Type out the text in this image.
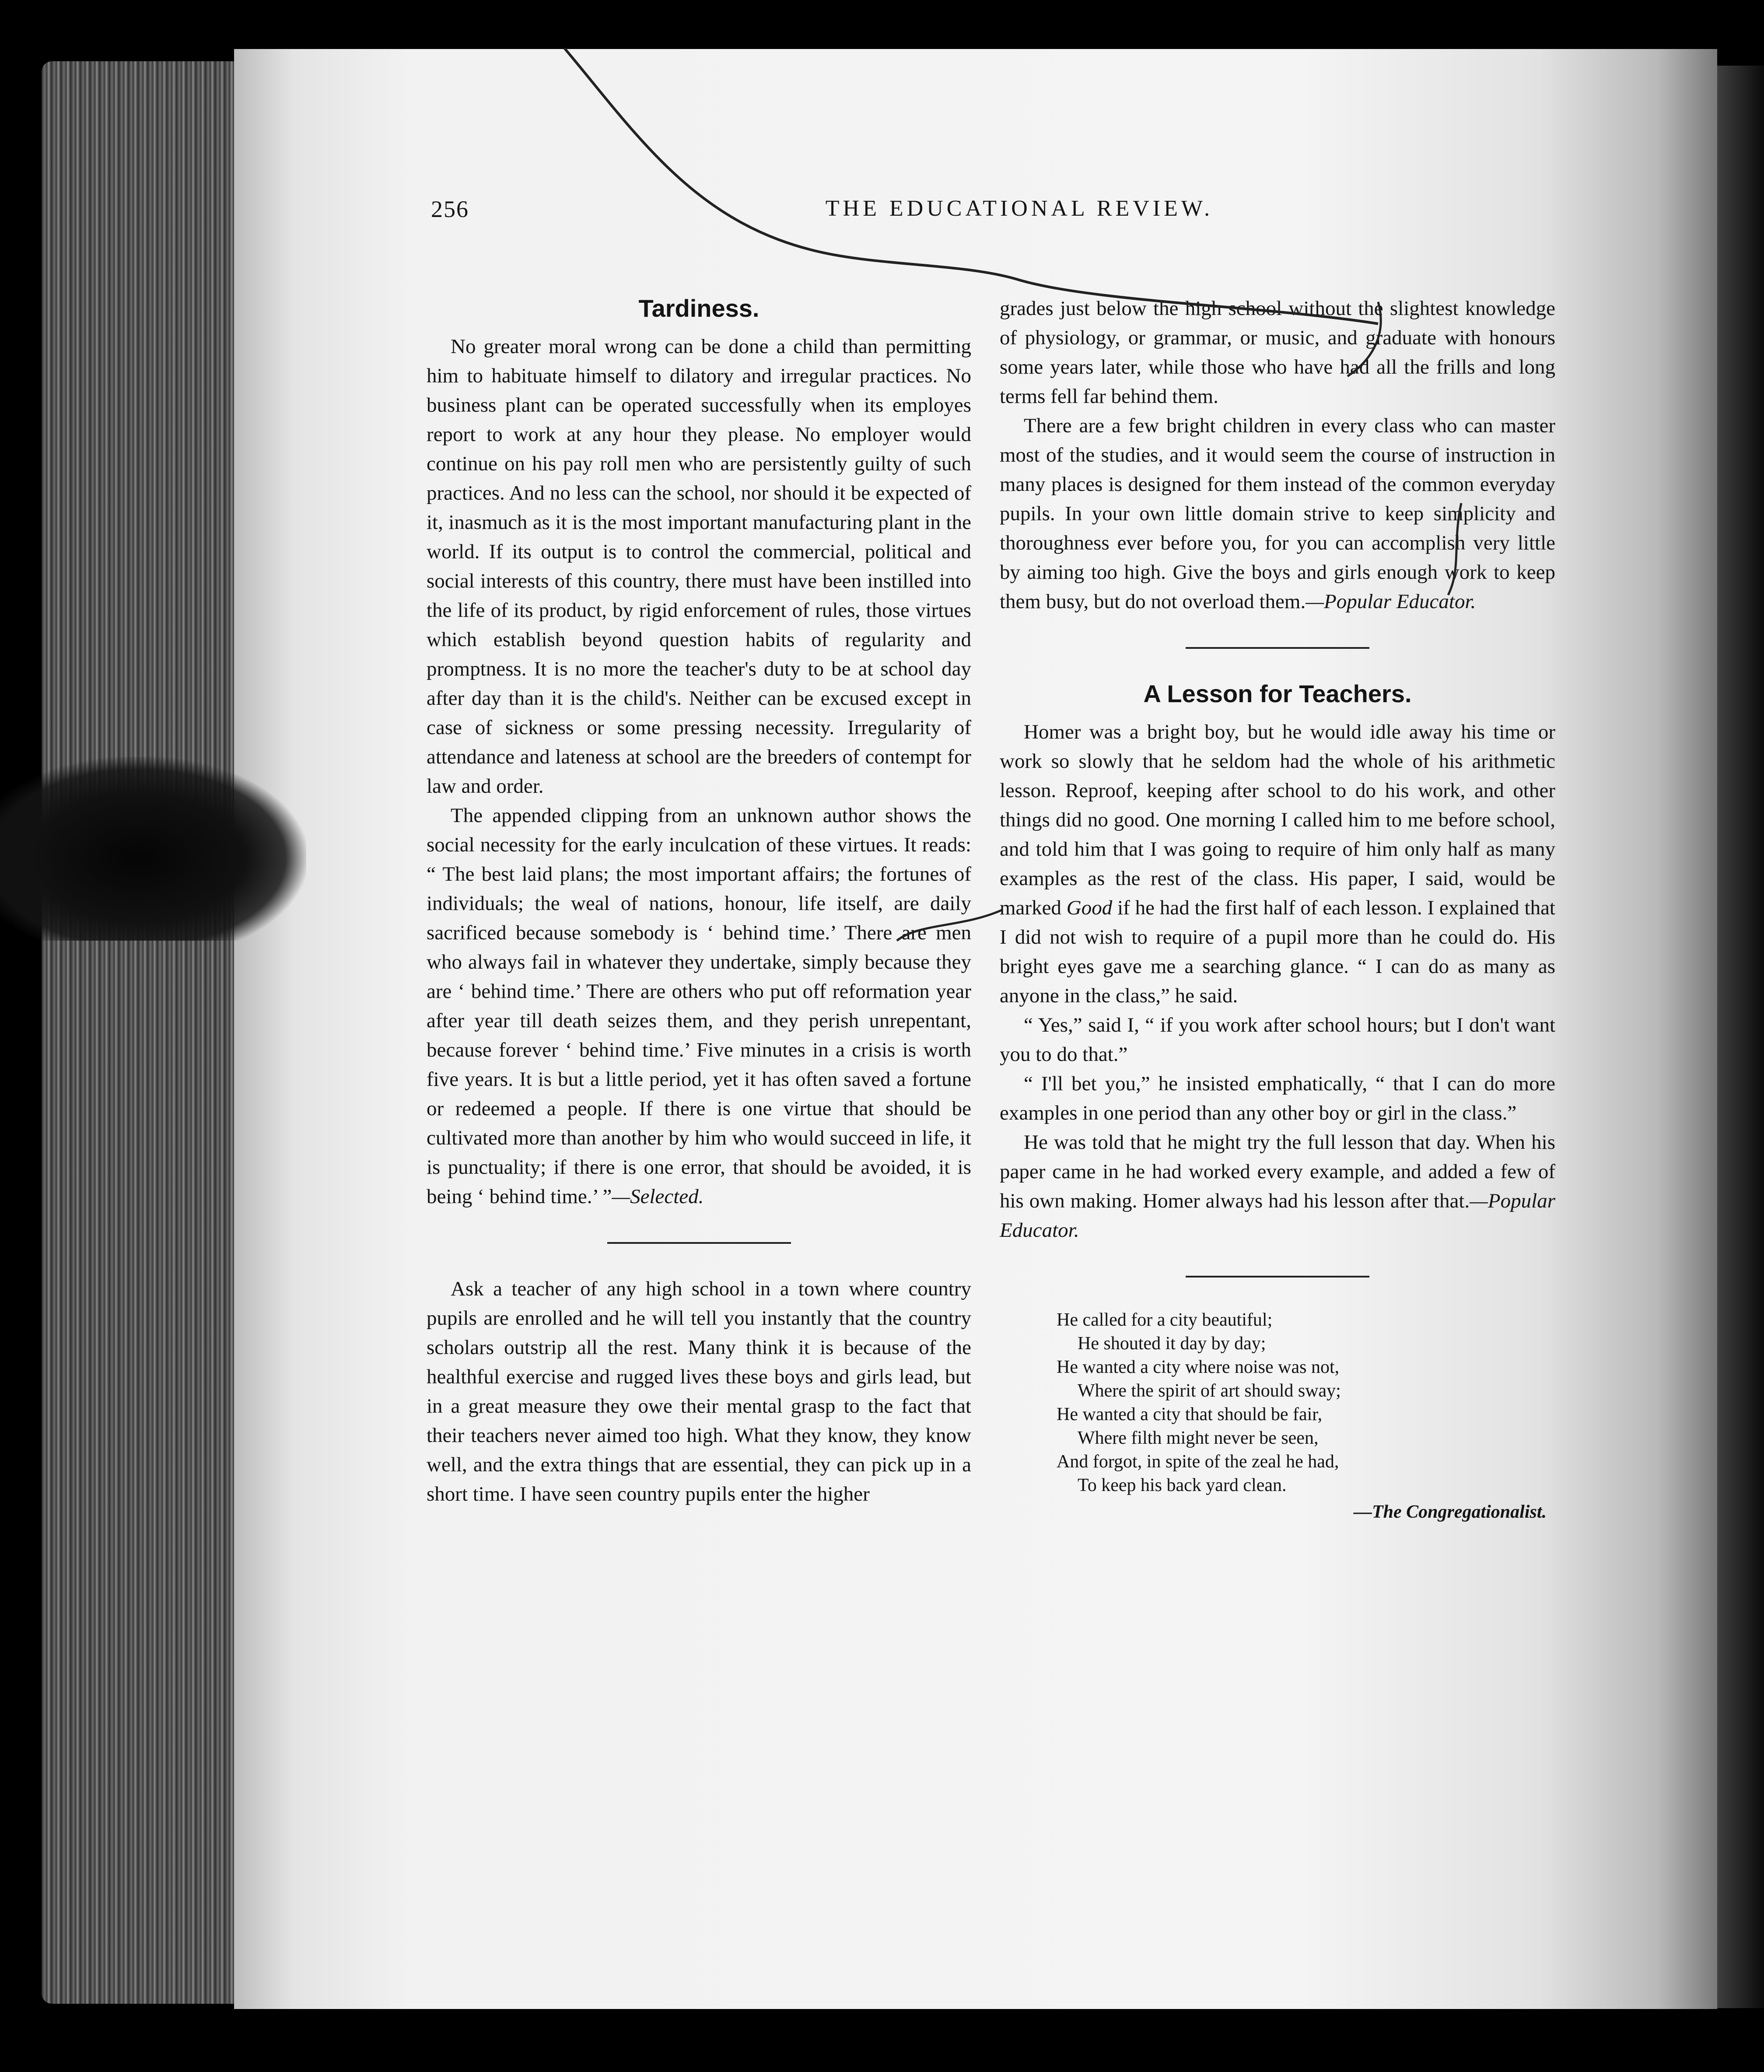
256	THE EDUCATIONAL REVIEW.
Tardiness.

No greater moral wrong can be done a child than permitting him to habituate himself to dilatory and irregular practices. No business plant can be operated successfully when its employes report to work at any hour they please. No employer would continue on his pay roll men who are persistently guilty of such practices. And no less can the school, nor should it be expected of it, inasmuch as it is the most important manufacturing plant in the world. If its output is to control the commercial, political and social interests of this country, there must have been instilled into the life of its product, by rigid enforcement of rules, those virtues which establish beyond question habits of regularity and promptness. It is no more the teacher's duty to be at school day after day than it is the child's. Neither can be excused except in case of sickness or some pressing necessity. Irregularity of attendance and lateness at school are the breeders of contempt for law and order.

The appended clipping from an unknown author shows the social necessity for the early inculcation of these virtues. It reads: “ The best laid plans; the most important affairs; the fortunes of individuals; the weal of nations, honour, life itself, are daily sacrificed because somebody is ‘ behind time.’ There are men who always fail in whatever they undertake, simply because they are ‘ behind time.’ There are others who put off reformation year after year till death seizes them, and they perish unrepentant, because forever ‘ behind time.’ Five minutes in a crisis is worth five years. It is but a little period, yet it has often saved a fortune or redeemed a people. If there is one virtue that should be cultivated more than another by him who would succeed in life, it is punctuality; if there is one error, that should be avoided, it is being ‘ behind time.’ ”—Selected.

Ask a teacher of any high school in a town where country pupils are enrolled and he will tell you instantly that the country scholars outstrip all the rest. Many think it is because of the healthful exercise and rugged lives these boys and girls lead, but in a great measure they owe their mental grasp to the fact that their teachers never aimed too high. What they know, they know well, and the extra things that are essential, they can pick up in a short time. I have seen country pupils enter the higher

grades just below the high school without the slightest knowledge of physiology, or grammar, or music, and graduate with honours some years later, while those who have had all the frills and long terms fell far behind them.

There are a few bright children in every class who can master most of the studies, and it would seem the course of instruction in many places is designed for them instead of the common everyday pupils. In your own little domain strive to keep simplicity and thoroughness ever before you, for you can accomplish very little by aiming too high. Give the boys and girls enough work to keep them busy, but do not overload them.—Popular Educator.

A Lesson for Teachers.

Homer was a bright boy, but he would idle away his time or work so slowly that he seldom had the whole of his arithmetic lesson. Reproof, keeping after school to do his work, and other things did no good. One morning I called him to me before school, and told him that I was going to require of him only half as many examples as the rest of the class. His paper, I said, would be marked Good if he had the first half of each lesson. I explained that I did not wish to require of a pupil more than he could do. His bright eyes gave me a searching glance. “ I can do as many as anyone in the class,” he said.

“ Yes,” said I, “ if you work after school hours; but I don't want you to do that.”

“ I'll bet you,” he insisted emphatically, “ that I can do more examples in one period than any other boy or girl in the class.”

He was told that he might try the full lesson that day. When his paper came in he had worked every example, and added a few of his own making. Homer always had his lesson after that.—Popular Educator.

He called for a city beautiful;
He shouted it day by day;
He wanted a city where noise was not,
Where the spirit of art should sway;
He wanted a city that should be fair,
Where filth might never be seen,
And forgot, in spite of the zeal he had,
To keep his back yard clean.
—The Congregationalist.
